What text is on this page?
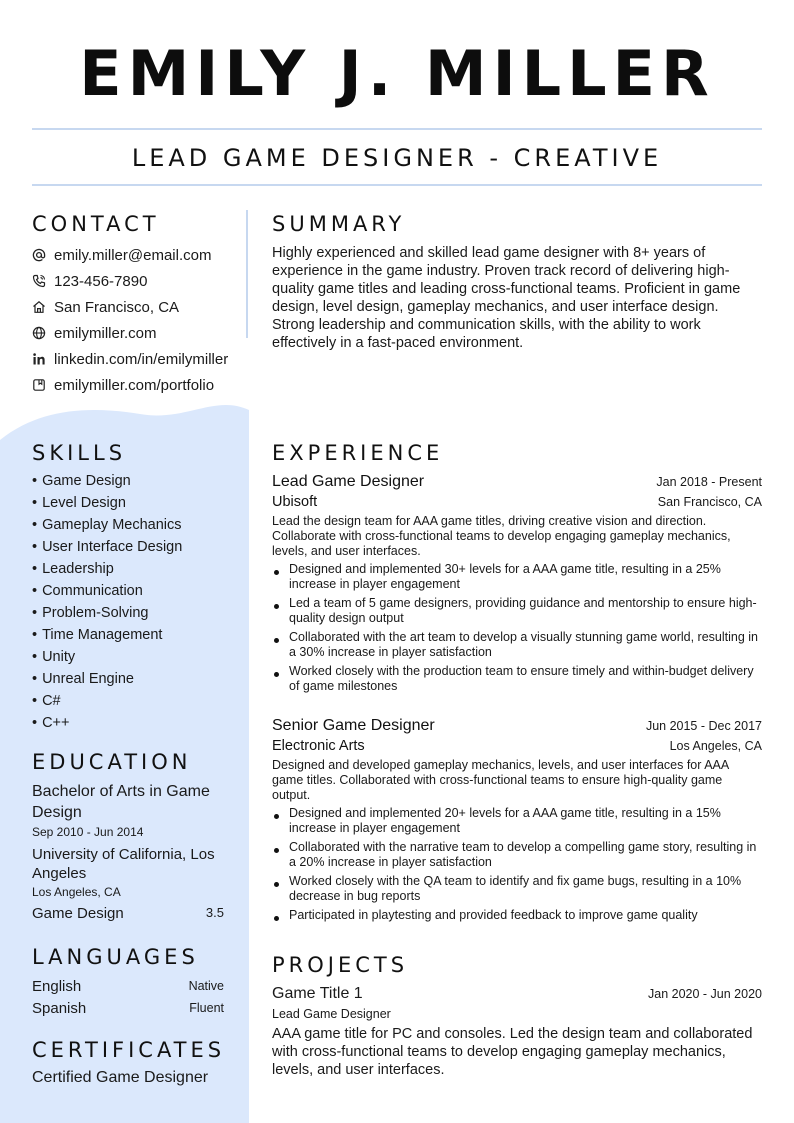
EMILY J. MILLER
LEAD GAME DESIGNER - CREATIVE
CONTACT
emily.miller@email.com
123-456-7890
San Francisco, CA
emilymiller.com
linkedin.com/in/emilymiller
emilymiller.com/portfolio
SUMMARY

Highly experienced and skilled lead game designer with 8+ years of experience in the game industry. Proven track record of delivering high-quality game titles and leading cross-functional teams. Proficient in game design, level design, gameplay mechanics, and user interface design. Strong leadership and communication skills, with the ability to work effectively in a fast-paced environment.

SKILLS
• Game Design
• Level Design
• Gameplay Mechanics
• User Interface Design
• Leadership
• Communication
• Problem-Solving
• Time Management
• Unity
• Unreal Engine
• C#
• C++
EDUCATION

Bachelor of Arts in Game Design

Sep 2010 - Jun 2014

University of California, Los Angeles

Los Angeles, CA

Game Design	3.5
LANGUAGES
English	Native
Spanish	Fluent
CERTIFICATES

Certified Game Designer

EXPERIENCE
Lead Game Designer	Jan 2018 - Present
Ubisoft	San Francisco, CA

Lead the design team for AAA game titles, driving creative vision and direction. Collaborate with cross-functional teams to develop engaging gameplay mechanics, levels, and user interfaces.

Designed and implemented 30+ levels for a AAA game title, resulting in a 25% increase in player engagement
Led a team of 5 game designers, providing guidance and mentorship to ensure high-quality design output
Collaborated with the art team to develop a visually stunning game world, resulting in a 30% increase in player satisfaction
Worked closely with the production team to ensure timely and within-budget delivery of game milestones
Senior Game Designer	Jun 2015 - Dec 2017
Electronic Arts	Los Angeles, CA

Designed and developed gameplay mechanics, levels, and user interfaces for AAA game titles. Collaborated with cross-functional teams to ensure high-quality game output.

Designed and implemented 20+ levels for a AAA game title, resulting in a 15% increase in player engagement
Collaborated with the narrative team to develop a compelling game story, resulting in a 20% increase in player satisfaction
Worked closely with the QA team to identify and fix game bugs, resulting in a 10% decrease in bug reports
Participated in playtesting and provided feedback to improve game quality
PROJECTS
Game Title 1	Jan 2020 - Jun 2020
Lead Game Designer

AAA game title for PC and consoles. Led the design team and collaborated with cross-functional teams to develop engaging gameplay mechanics, levels, and user interfaces.
